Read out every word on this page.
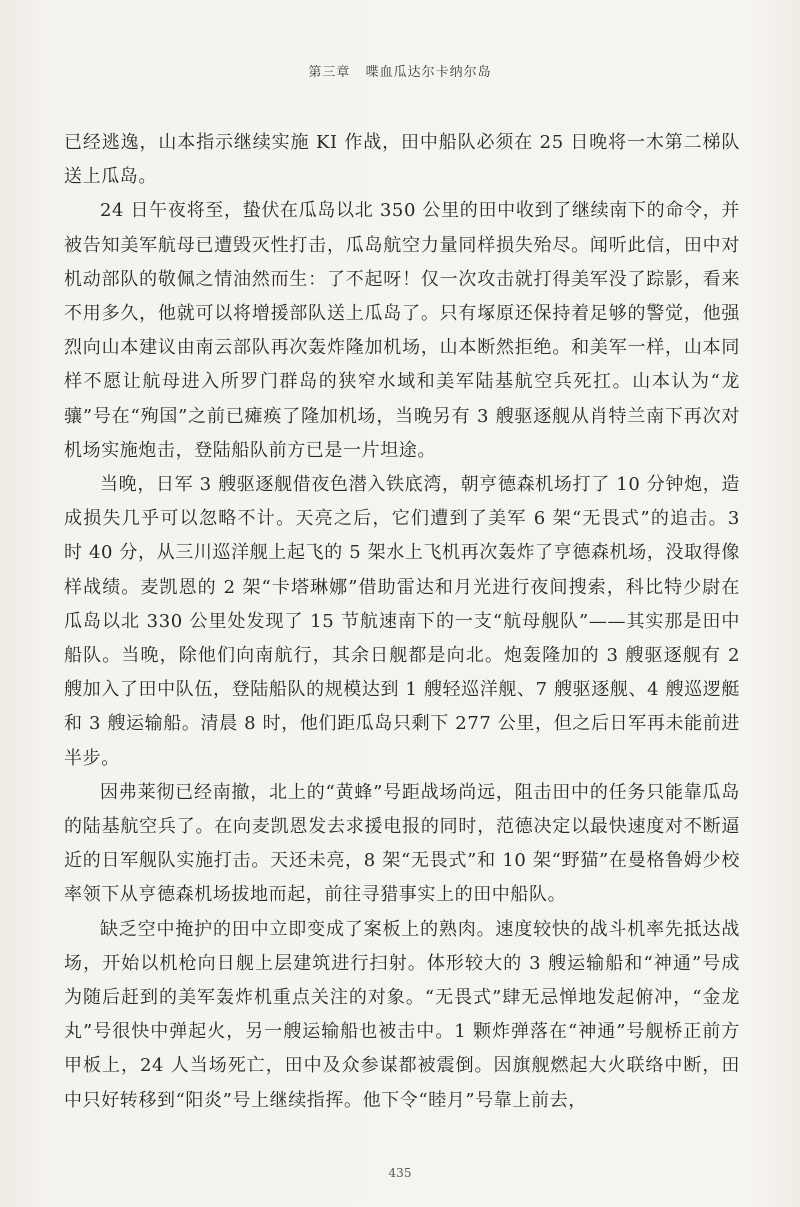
第三章 喋血瓜达尔卡纳尔岛

已经逃逸，山本指示继续实施 KI 作战，田中船队必须在 25 日晚将一木第二梯队送上瓜岛。

24 日午夜将至，蛰伏在瓜岛以北 350 公里的田中收到了继续南下的命令，并被告知美军航母已遭毁灭性打击，瓜岛航空力量同样损失殆尽。闻听此信，田中对机动部队的敬佩之情油然而生：了不起呀！仅一次攻击就打得美军没了踪影，看来不用多久，他就可以将增援部队送上瓜岛了。只有塚原还保持着足够的警觉，他强烈向山本建议由南云部队再次轰炸隆加机场，山本断然拒绝。和美军一样，山本同样不愿让航母进入所罗门群岛的狭窄水域和美军陆基航空兵死扛。山本认为“龙骧”号在“殉国”之前已瘫痪了隆加机场，当晚另有 3 艘驱逐舰从肖特兰南下再次对机场实施炮击，登陆船队前方已是一片坦途。

当晚，日军 3 艘驱逐舰借夜色潜入铁底湾，朝亨德森机场打了 10 分钟炮，造成损失几乎可以忽略不计。天亮之后，它们遭到了美军 6 架“无畏式”的追击。3 时 40 分，从三川巡洋舰上起飞的 5 架水上飞机再次轰炸了亨德森机场，没取得像样战绩。麦凯恩的 2 架“卡塔琳娜”借助雷达和月光进行夜间搜索，科比特少尉在瓜岛以北 330 公里处发现了 15 节航速南下的一支“航母舰队”——其实那是田中船队。当晚，除他们向南航行，其余日舰都是向北。炮轰隆加的 3 艘驱逐舰有 2 艘加入了田中队伍，登陆船队的规模达到 1 艘轻巡洋舰、7 艘驱逐舰、4 艘巡逻艇和 3 艘运输船。清晨 8 时，他们距瓜岛只剩下 277 公里，但之后日军再未能前进半步。

因弗莱彻已经南撤，北上的“黄蜂”号距战场尚远，阻击田中的任务只能靠瓜岛的陆基航空兵了。在向麦凯恩发去求援电报的同时，范德决定以最快速度对不断逼近的日军舰队实施打击。天还未亮，8 架“无畏式”和 10 架“野猫”在曼格鲁姆少校率领下从亨德森机场拔地而起，前往寻猎事实上的田中船队。

缺乏空中掩护的田中立即变成了案板上的熟肉。速度较快的战斗机率先抵达战场，开始以机枪向日舰上层建筑进行扫射。体形较大的 3 艘运输船和“神通”号成为随后赶到的美军轰炸机重点关注的对象。“无畏式”肆无忌惮地发起俯冲，“金龙丸”号很快中弹起火，另一艘运输船也被击中。1 颗炸弹落在“神通”号舰桥正前方甲板上，24 人当场死亡，田中及众参谋都被震倒。因旗舰燃起大火联络中断，田中只好转移到“阳炎”号上继续指挥。他下令“睦月”号靠上前去，

435
